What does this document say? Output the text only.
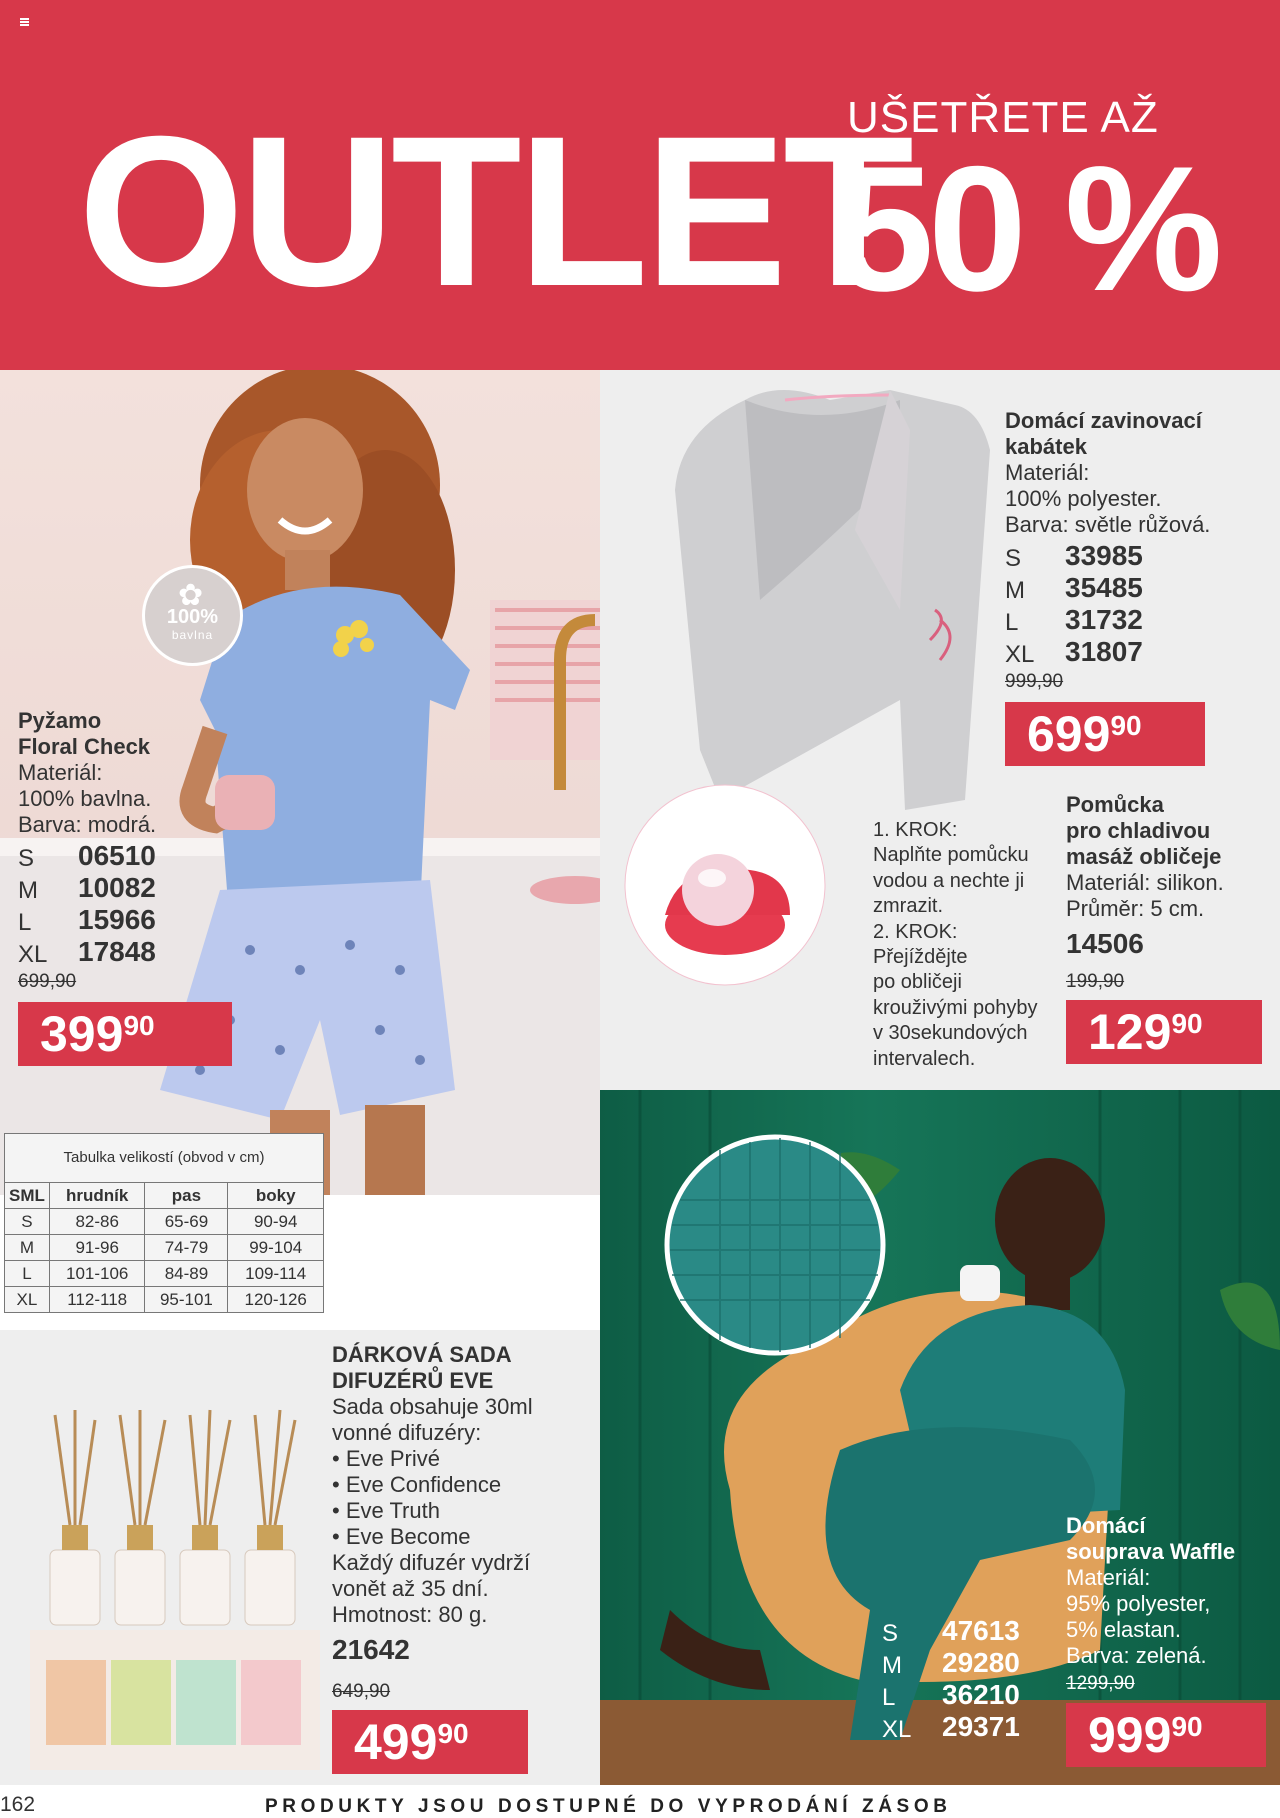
OUTLET
UŠETŘETE AŽ
50 %
✿
100%
bavlna
Pyžamo
Floral Check
Materiál:
100% bavlna.
Barva: modrá.
S 06510
M 10082
L 15966
XL 17848
699,90
$399^{90}$
Tabulka velikostí (obvod v cm)
SML	hrudník	pas	boky
S	82-86	65-69	90-94
M	91-96	74-79	99-104
L	101-106	84-89	109-114
XL	112-118	95-101	120-126
Domácí zavinovací
kabátek
Materiál:
100% polyester.
Barva: světle růžová.
S 33985
M 35485
L 31732
XL 31807
999,90
$699^{90}$
1. KROK:
Naplňte pomůcku
vodou a nechte ji
zmrazit.
2. KROK:
Přejíždějte
po obličeji
krouživými pohyby
v 30sekundových
intervalech.
Pomůcka
pro chladivou
masáž obličeje
Materiál: silikon.
Průměr: 5 cm.
14506
199,90
$129^{90}$
DÁRKOVÁ SADA
DIFUZÉRŮ EVE
Sada obsahuje 30ml
vonné difuzéry:
• Eve Privé
• Eve Confidence
• Eve Truth
• Eve Become
Každý difuzér vydrží
vonět až 35 dní.
Hmotnost: 80 g.
21642
649,90
$499^{90}$
Domácí
souprava Waffle
Materiál:
95% polyester,
5% elastan.
Barva: zelená.
1299,90
$999^{90}$
S 47613
M 29280
L 36210
XL 29371
162	PRODUKTY JSOU DOSTUPNÉ DO VYPRODÁNÍ ZÁSOB
